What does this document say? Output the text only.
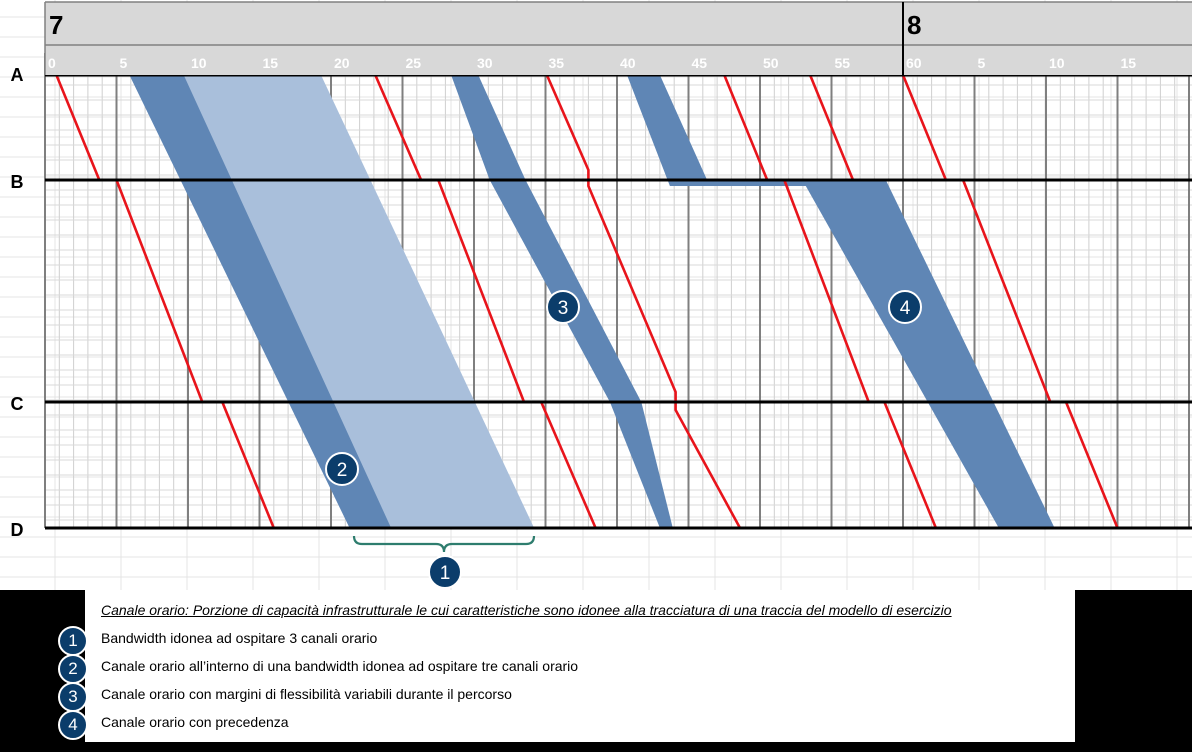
7	8
0	5	10	15	20	25	30	35	40	45	50	55	60	5	10	15
A
B
C
D
1
2
3	4
Canale orario: Porzione di capacità infrastrutturale le cui caratteristiche sono idonee alla tracciatura di una traccia del modello di esercizio
1	Bandwidth idonea ad ospitare 3 canali orario
2	Canale orario all’interno di una bandwidth idonea ad ospitare tre canali orario
3	Canale orario con margini di flessibilità variabili durante il percorso
4	Canale orario con precedenza
